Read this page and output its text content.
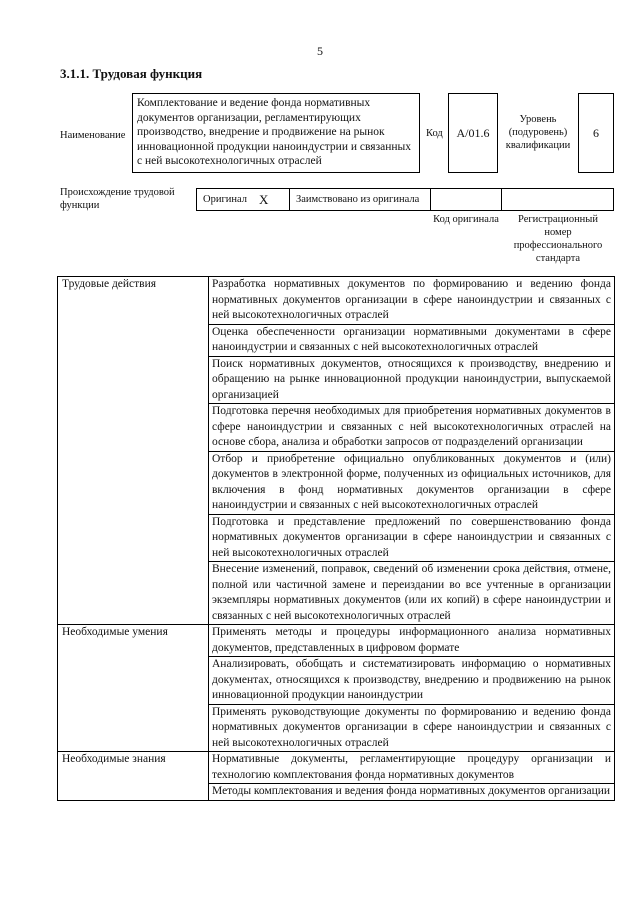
5
3.1.1. Трудовая функция
Наименование
Комплектование и ведение фонда нормативных документов организации, регламентирующих производство, внедрение и продвижение на рынок инновационной продукции наноиндустрии и связанных с ней высокотехнологичных отраслей
Код A/01.6
Уровень (подуровень) квалификации
6
Происхождение трудовой функции
Оригинал X	Заимствовано из оригинала
Код оригинала	Регистрационный номер профессионального стандарта
Трудовые действия	Разработка нормативных документов по формированию и ведению фонда нормативных документов организации в сфере наноиндустрии и связанных с ней высокотехнологичных отраслей
	Оценка обеспеченности организации нормативными документами в сфере наноиндустрии и связанных с ней высокотехнологичных отраслей
	Поиск нормативных документов, относящихся к производству, внедрению и обращению на рынке инновационной продукции наноиндустрии, выпускаемой организацией
	Подготовка перечня необходимых для приобретения нормативных документов в сфере наноиндустрии и связанных с ней высокотехнологичных отраслей на основе сбора, анализа и обработки запросов от подразделений организации
	Отбор и приобретение официально опубликованных документов и (или) документов в электронной форме, полученных из официальных источников, для включения в фонд нормативных документов организации в сфере наноиндустрии и связанных с ней высокотехнологичных отраслей
	Подготовка и представление предложений по совершенствованию фонда нормативных документов организации в сфере наноиндустрии и связанных с ней высокотехнологичных отраслей
	Внесение изменений, поправок, сведений об изменении срока действия, отмене, полной или частичной замене и переиздании во все учтенные в организации экземпляры нормативных документов (или их копий) в сфере наноиндустрии и связанных с ней высокотехнологичных отраслей
Необходимые умения	Применять методы и процедуры информационного анализа нормативных документов, представленных в цифровом формате
	Анализировать, обобщать и систематизировать информацию о нормативных документах, относящихся к производству, внедрению и продвижению на рынок инновационной продукции наноиндустрии
	Применять руководствующие документы по формированию и ведению фонда нормативных документов организации в сфере наноиндустрии и связанных с ней высокотехнологичных отраслей
Необходимые знания	Нормативные документы, регламентирующие процедуру организации и технологию комплектования фонда нормативных документов
	Методы комплектования и ведения фонда нормативных документов организации
